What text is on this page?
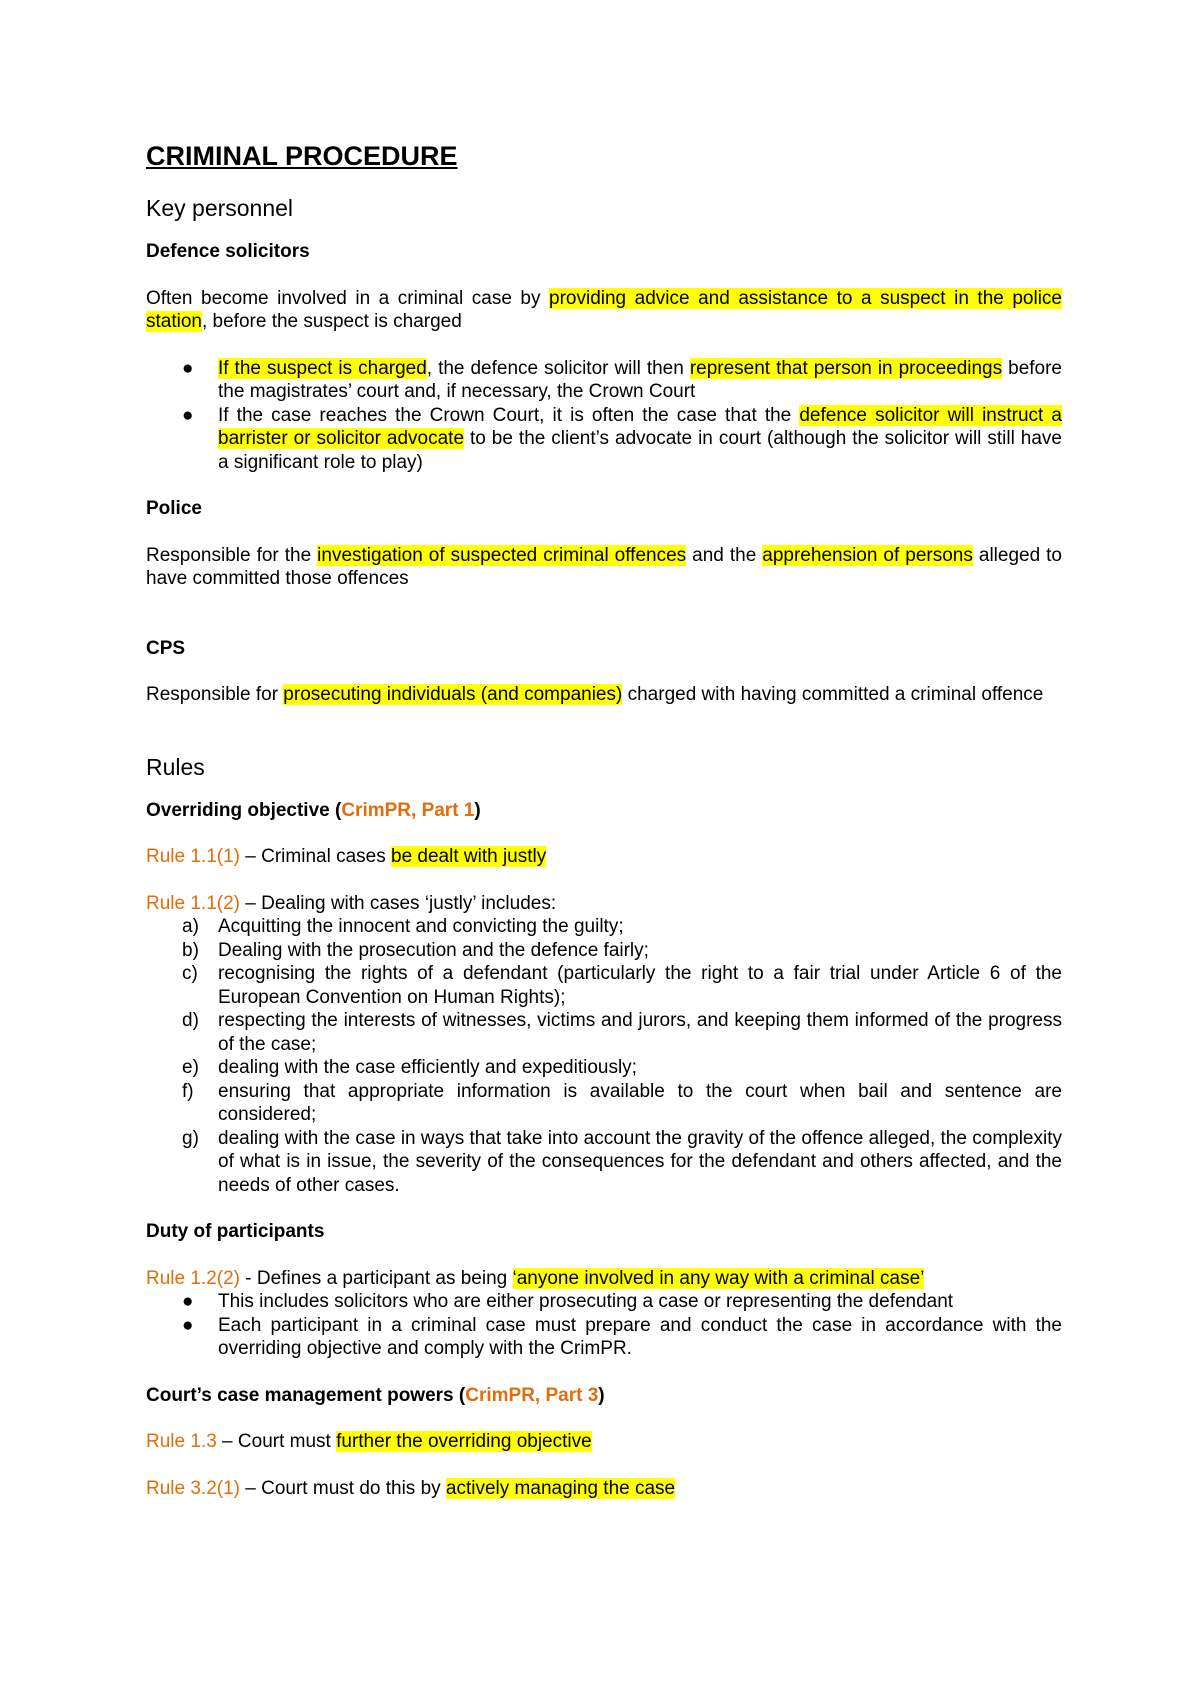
CRIMINAL PROCEDURE
Key personnel
Defence solicitors

Often become involved in a criminal case by providing advice and assistance to a suspect in the police station, before the suspect is charged

● If the suspect is charged, the defence solicitor will then represent that person in proceedings before the magistrates’ court and, if necessary, the Crown Court
● If the case reaches the Crown Court, it is often the case that the defence solicitor will instruct a barrister or solicitor advocate to be the client’s advocate in court (although the solicitor will still have a significant role to play)
Police

Responsible for the investigation of suspected criminal offences and the apprehension of persons alleged to have committed those offences

CPS

Responsible for prosecuting individuals (and companies) charged with having committed a criminal offence

Rules
Overriding objective (CrimPR, Part 1)

Rule 1.1(1) – Criminal cases be dealt with justly

Rule 1.1(2) – Dealing with cases ‘justly’ includes:

a) Acquitting the innocent and convicting the guilty;
b) Dealing with the prosecution and the defence fairly;
c) recognising the rights of a defendant (particularly the right to a fair trial under Article 6 of the European Convention on Human Rights);
d) respecting the interests of witnesses, victims and jurors, and keeping them informed of the progress of the case;
e) dealing with the case efficiently and expeditiously;
f) ensuring that appropriate information is available to the court when bail and sentence are considered;
g) dealing with the case in ways that take into account the gravity of the offence alleged, the complexity of what is in issue, the severity of the consequences for the defendant and others affected, and the needs of other cases.
Duty of participants

Rule 1.2(2) - Defines a participant as being ‘anyone involved in any way with a criminal case’

● This includes solicitors who are either prosecuting a case or representing the defendant
● Each participant in a criminal case must prepare and conduct the case in accordance with the overriding objective and comply with the CrimPR.
Court’s case management powers (CrimPR, Part 3)

Rule 1.3 – Court must further the overriding objective

Rule 3.2(1) – Court must do this by actively managing the case
